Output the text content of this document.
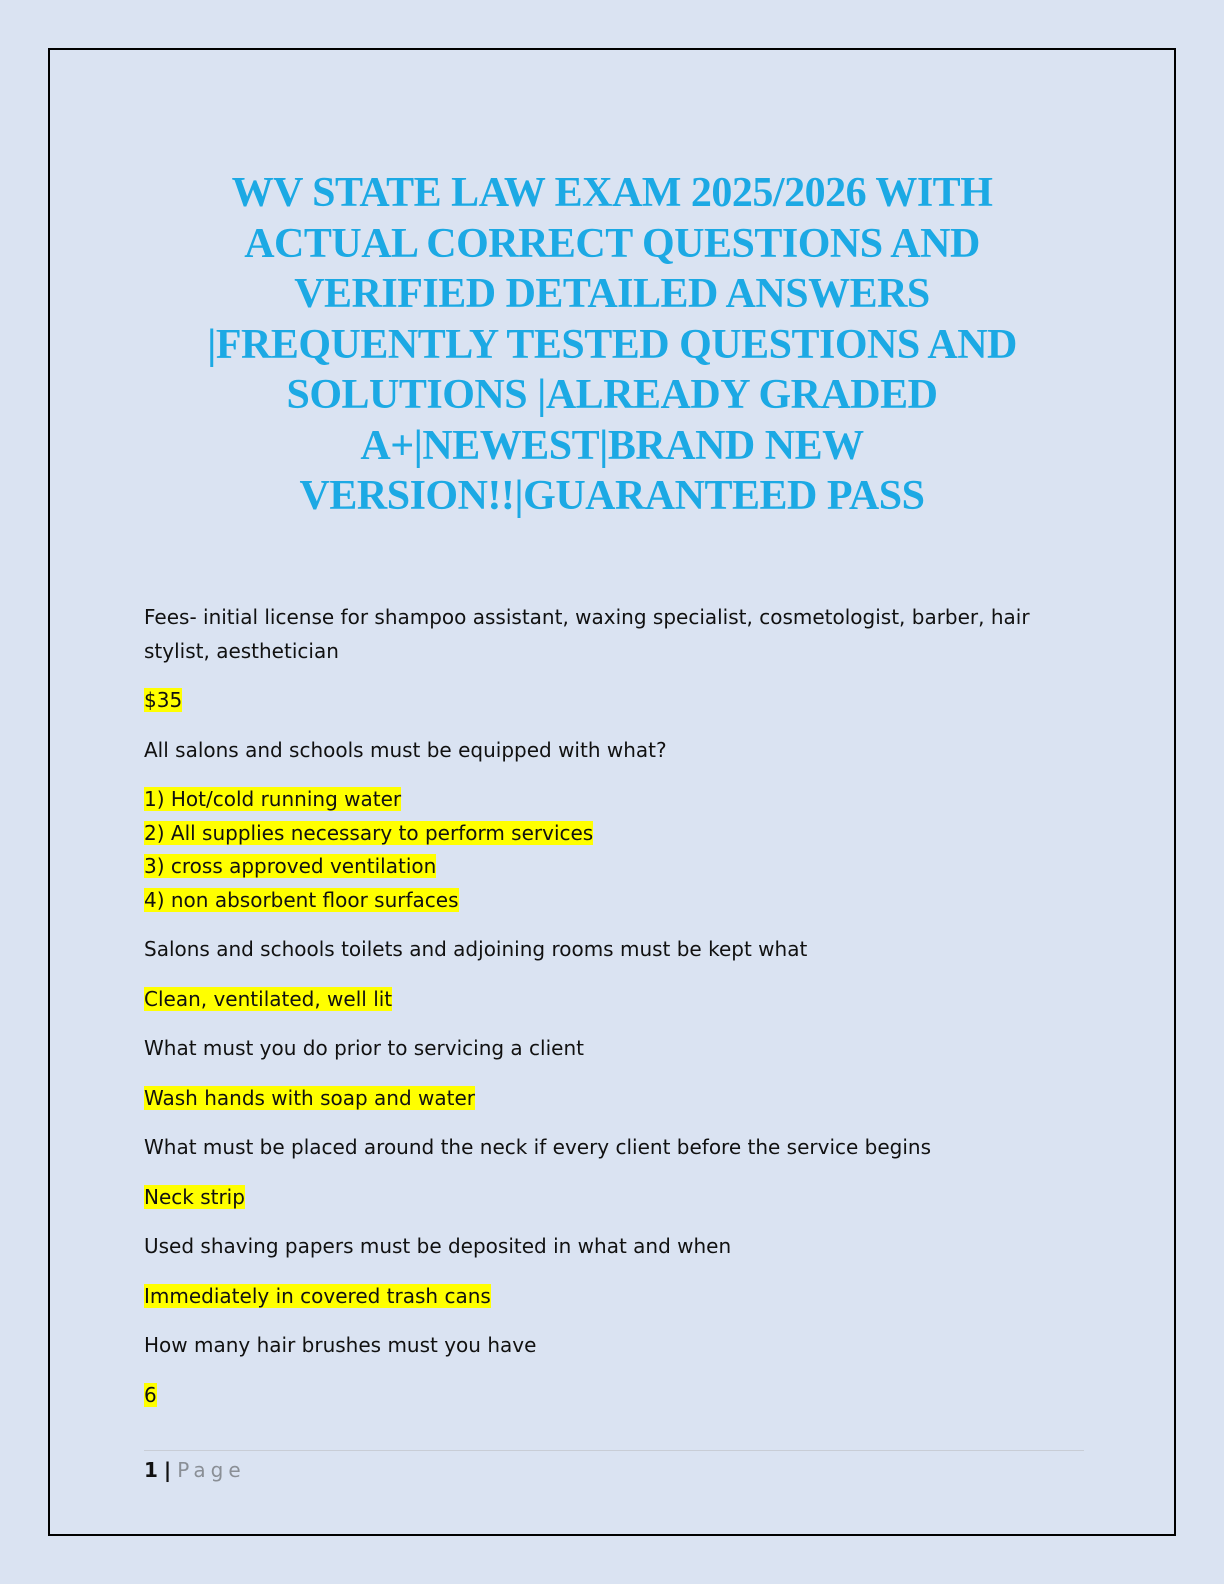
WV STATE LAW EXAM 2025/2026 WITH
ACTUAL CORRECT QUESTIONS AND
VERIFIED DETAILED ANSWERS
|FREQUENTLY TESTED QUESTIONS AND
SOLUTIONS |ALREADY GRADED
A+|NEWEST|BRAND NEW
VERSION!!|GUARANTEED PASS

Fees- initial license for shampoo assistant, waxing specialist, cosmetologist, barber, hair stylist, aesthetician

$35

All salons and schools must be equipped with what?

1) Hot/cold running water
2) All supplies necessary to perform services
3) cross approved ventilation
4) non absorbent floor surfaces

Salons and schools toilets and adjoining rooms must be kept what

Clean, ventilated, well lit

What must you do prior to servicing a client

Wash hands with soap and water

What must be placed around the neck if every client before the service begins

Neck strip

Used shaving papers must be deposited in what and when

Immediately in covered trash cans

How many hair brushes must you have

6

1 | Page
